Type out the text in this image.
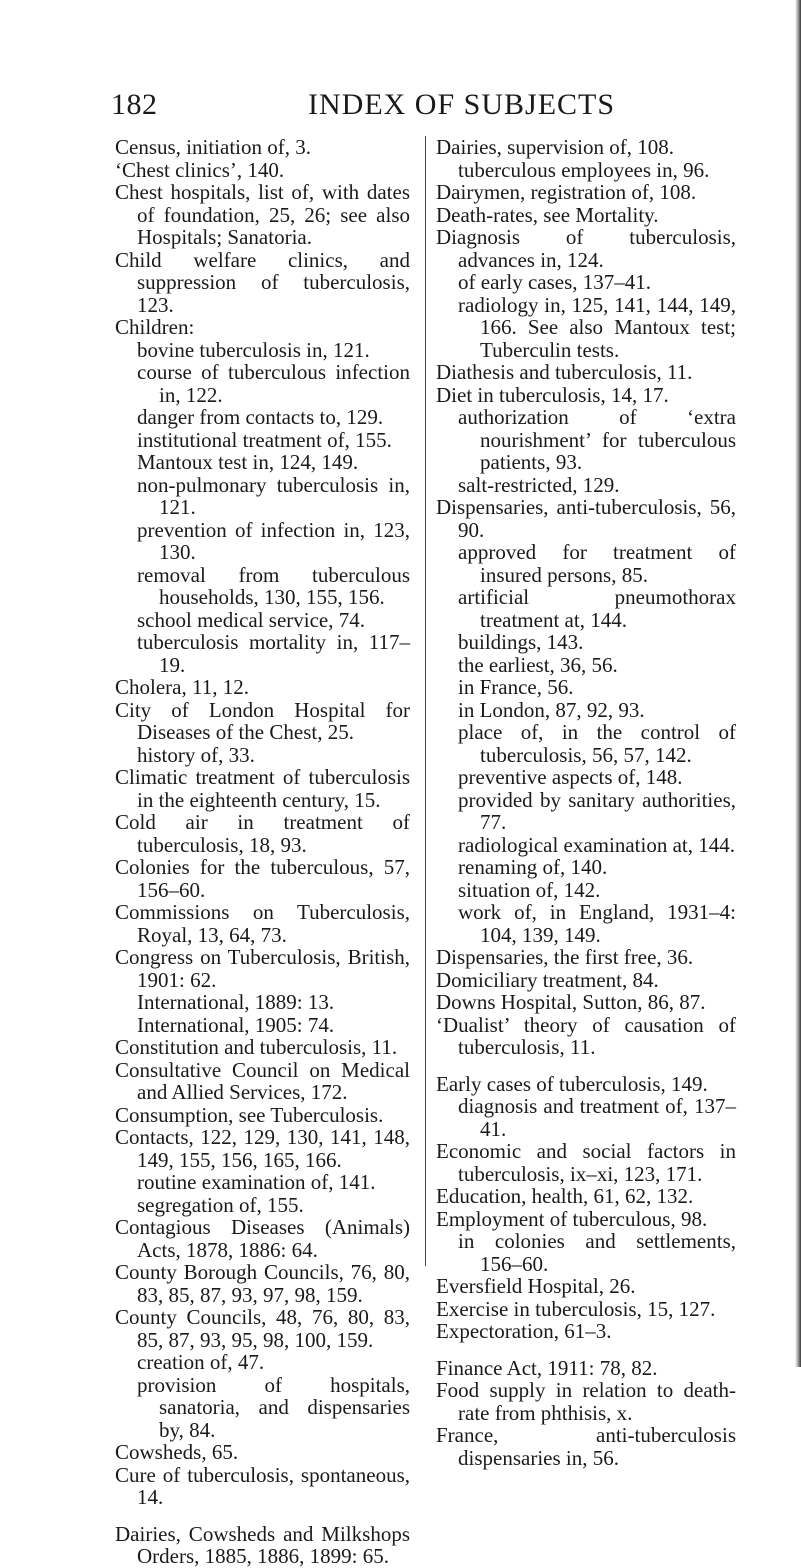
182	INDEX OF SUBJECTS

Census, initiation of, 3.

‘Chest clinics’, 140.

Chest hospitals, list of, with dates of foundation, 25, 26; see also Hospitals; Sanatoria.

Child welfare clinics, and suppression of tuberculosis, 123.

Children:

bovine tuberculosis in, 121.

course of tuberculous infection in, 122.

danger from contacts to, 129.

institutional treatment of, 155.

Mantoux test in, 124, 149.

non-pulmonary tuberculosis in, 121.

prevention of infection in, 123, 130.

removal from tuberculous households, 130, 155, 156.

school medical service, 74.

tuberculosis mortality in, 117–19.

Cholera, 11, 12.

City of London Hospital for Diseases of the Chest, 25.

history of, 33.

Climatic treatment of tuberculosis in the eighteenth century, 15.

Cold air in treatment of tuberculosis, 18, 93.

Colonies for the tuberculous, 57, 156–60.

Commissions on Tuberculosis, Royal, 13, 64, 73.

Congress on Tuberculosis, British, 1901: 62.

International, 1889: 13.

International, 1905: 74.

Constitution and tuberculosis, 11.

Consultative Council on Medical and Allied Services, 172.

Consumption, see Tuberculosis.

Contacts, 122, 129, 130, 141, 148, 149, 155, 156, 165, 166.

routine examination of, 141.

segregation of, 155.

Contagious Diseases (Animals) Acts, 1878, 1886: 64.

County Borough Councils, 76, 80, 83, 85, 87, 93, 97, 98, 159.

County Councils, 48, 76, 80, 83, 85, 87, 93, 95, 98, 100, 159.

creation of, 47.

provision of hospitals, sanatoria, and dispensaries by, 84.

Cowsheds, 65.

Cure of tuberculosis, spontaneous, 14.

Dairies, Cowsheds and Milkshops Orders, 1885, 1886, 1899: 65.

Dairies, supervision of, 108.

tuberculous employees in, 96.

Dairymen, registration of, 108.

Death-rates, see Mortality.

Diagnosis of tuberculosis, advances in, 124.

of early cases, 137–41.

radiology in, 125, 141, 144, 149, 166. See also Mantoux test; Tuberculin tests.

Diathesis and tuberculosis, 11.

Diet in tuberculosis, 14, 17.

authorization of ‘extra nourishment’ for tuberculous patients, 93.

salt-restricted, 129.

Dispensaries, anti-tuberculosis, 56, 90.

approved for treatment of insured persons, 85.

artificial pneumothorax treatment at, 144.

buildings, 143.

the earliest, 36, 56.

in France, 56.

in London, 87, 92, 93.

place of, in the control of tuberculosis, 56, 57, 142.

preventive aspects of, 148.

provided by sanitary authorities, 77.

radiological examination at, 144.

renaming of, 140.

situation of, 142.

work of, in England, 1931–4: 104, 139, 149.

Dispensaries, the first free, 36.

Domiciliary treatment, 84.

Downs Hospital, Sutton, 86, 87.

‘Dualist’ theory of causation of tuberculosis, 11.

Early cases of tuberculosis, 149.

diagnosis and treatment of, 137–41.

Economic and social factors in tuberculosis, ix–xi, 123, 171.

Education, health, 61, 62, 132.

Employment of tuberculous, 98.

in colonies and settlements, 156–60.

Eversfield Hospital, 26.

Exercise in tuberculosis, 15, 127.

Expectoration, 61–3.

Finance Act, 1911: 78, 82.

Food supply in relation to death-rate from phthisis, x.

France, anti-tuberculosis dispensaries in, 56.
